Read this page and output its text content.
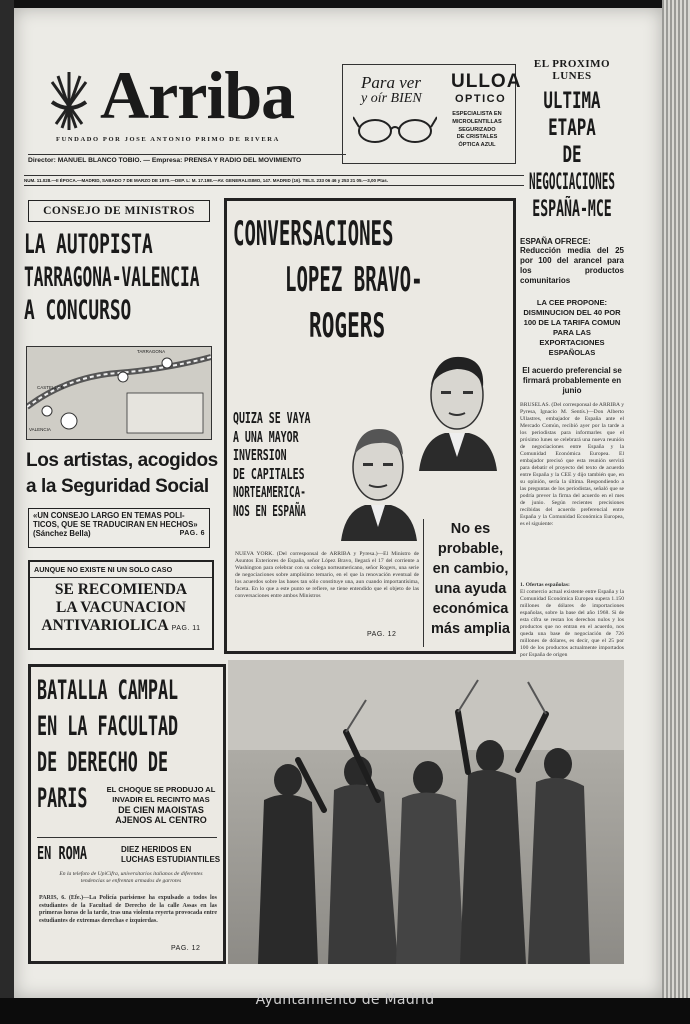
Arriba
FUNDADO POR JOSE ANTONIO PRIMO DE RIVERA
Director: MANUEL BLANCO TOBIO. — Empresa: PRENSA Y RADIO DEL MOVIMIENTO
NUM. 11.028.—II ÉPOCA.—MADRID, SABADO 7 DE MARZO DE 1970.—DEP. L: M. 17.198.—AV. GENERALISIMO, 147. MADRID (16). TELS. 233 06 46 y 253 21 05.—3,00 Ptas.
Para ver
y oír BIEN
ULLOA
OPTICO
ESPECIALISTA EN
MICROLENTILLAS
SEGURIZADO
DE CRISTALES
ÓPTICA AZUL
EL PROXIMO
LUNES
ULTIMA
ETAPA DE
NEGOCIACIONES
ESPAÑA-MCE
ESPAÑA OFRECE:
Reducción media del 25 por 100 del arancel para los productos comunitarios
LA CEE PROPONE: DISMINUCION DEL 40 POR 100 DE LA TARIFA COMUN PARA LAS EXPORTACIONES ESPAÑOLAS
El acuerdo preferencial se firmará probablemente en junio
BRUSELAS. (Del corresponsal de ARRIBA y Pyresa, Ignacio M. Sentís.)—Don Alberto Ullastres, embajador de España ante el Mercado Común, recibió ayer por la tarde a los periodistas para informarles que el próximo lunes se celebrará una nueva reunión de negociaciones entre España y la Comunidad Económica Europea. El embajador precisó que esta reunión servirá para debatir el proyecto del texto de acuerdo entre España y la CEE y dijo también que, en su opinión, sería la última. Respondiendo a las preguntas de los periodistas, señaló que se podría prever la firma del acuerdo en el mes de junio. Según recientes precisiones recibidas del acuerdo preferencial entre España y la Comunidad Económica Europea, es el siguiente:
1. Ofertas españolas:
El comercio actual existente entre España y la Comunidad Económica Europea supera 1.150 millones de dólares de importaciones españolas, sobre la base del año 1968. Si de esta cifra se restan los derechos nulos y los productos que no entran en el acuerdo, nos queda una base de negociación de 726 millones de dólares, es decir, que el 25 por 100 de los productos actualmente importados por España de origen
CONSEJO DE MINISTROS
LA AUTOPISTA
TARRAGONA-VALENCIA
A CONCURSO
TARRAGONA
VALENCIA
CASTELLON
Los artistas, acogidos
a la Seguridad Social
«UN CONSEJO LARGO EN TEMAS POLI-
TICOS, QUE SE TRADUCIRAN EN HECHOS»
(Sánchez Bella)	PAG. 6
AUNQUE NO EXISTE NI UN SOLO CASO
SE RECOMIENDA
LA VACUNACION
ANTIVARIOLICA PAG. 11
CONVERSACIONES
LOPEZ BRAVO-
ROGERS
QUIZA SE VAYA
A UNA MAYOR
INVERSION
DE CAPITALES
NORTEAMERICA-
NOS EN ESPAÑA
NUEVA YORK. (Del corresponsal de ARRIBA y Pyresa.)—El Ministro de Asuntos Exteriores de España, señor López Bravo, llegará el 17 del corriente a Washington para celebrar con su colega norteamericano, señor Rogers, una serie de negociaciones sobre amplísimo temario, en el que la renovación eventual de los acuerdos sobre las bases tan sólo constituye una, aun cuando importantísima, faceta. En lo que a este punto se refiere, se tiene entendido que el objeto de las conversaciones entre ambos Ministros
PAG. 12
No es
probable,
en cambio,
una ayuda
económica
más amplia
BATALLA CAMPAL
EN LA FACULTAD
DE DERECHO DE
PARIS	EL CHOQUE SE PRODUJO AL
INVADIR EL RECINTO MAS
DE CIEN MAOISTAS
AJENOS AL CENTRO
EN ROMA	DIEZ HERIDOS EN
LUCHAS ESTUDIANTILES
En la telefoto de UpiCifra, universitarios italianos de diferentes tendencias se enfrentan armados de garrotes
PARIS, 6. (Efe.)—La Policía parisiense ha expulsado a todos los estudiantes de la Facultad de Derecho de la calle Assas en las primeras horas de la tarde, tras una violenta reyerta provocada entre estudiantes de extremas derechas e izquierdas.
PAG. 12
Ayuntamiento de Madrid
